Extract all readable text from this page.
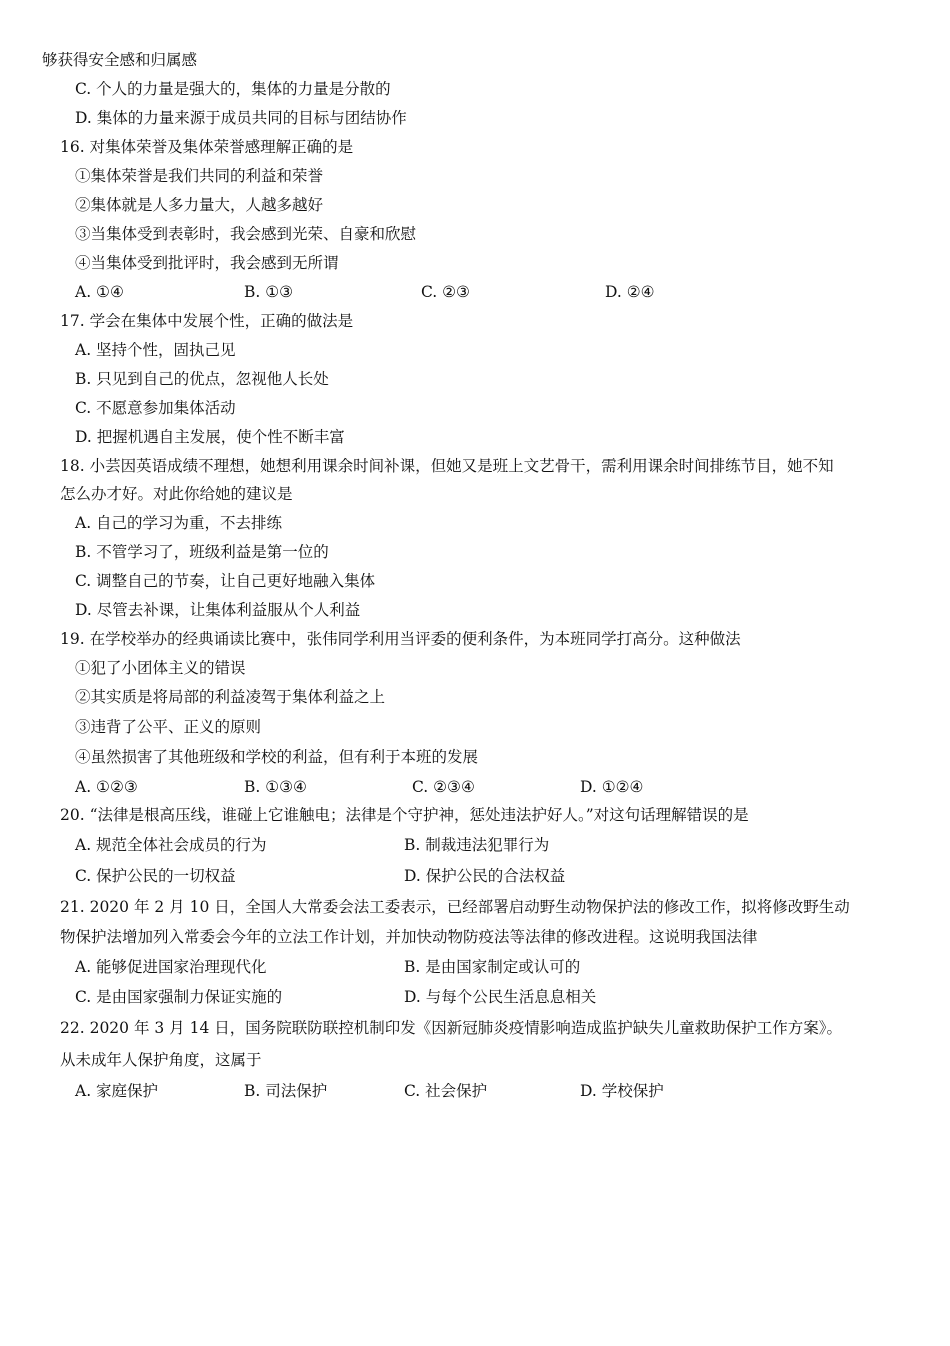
够获得安全感和归属感
C. 个人的力量是强大的，集体的力量是分散的
D. 集体的力量来源于成员共同的目标与团结协作
16. 对集体荣誉及集体荣誉感理解正确的是
①集体荣誉是我们共同的利益和荣誉
②集体就是人多力量大，人越多越好
③当集体受到表彰时，我会感到光荣、自豪和欣慰
④当集体受到批评时，我会感到无所谓
A. ①④	B. ①③	C. ②③	D. ②④
17. 学会在集体中发展个性，正确的做法是
A. 坚持个性，固执己见
B. 只见到自己的优点，忽视他人长处
C. 不愿意参加集体活动
D. 把握机遇自主发展，使个性不断丰富
18. 小芸因英语成绩不理想，她想利用课余时间补课，但她又是班上文艺骨干，需利用课余时间排练节目，她不知
怎么办才好。对此你给她的建议是
A. 自己的学习为重，不去排练
B. 不管学习了，班级利益是第一位的
C. 调整自己的节奏，让自己更好地融入集体
D. 尽管去补课，让集体利益服从个人利益
19. 在学校举办的经典诵读比赛中，张伟同学利用当评委的便利条件，为本班同学打高分。这种做法
①犯了小团体主义的错误
②其实质是将局部的利益凌驾于集体利益之上
③违背了公平、正义的原则
④虽然损害了其他班级和学校的利益，但有利于本班的发展
A. ①②③	B. ①③④	C. ②③④	D. ①②④
20. “法律是根高压线，谁碰上它谁触电；法律是个守护神，惩处违法护好人。”对这句话理解错误的是
A. 规范全体社会成员的行为	B. 制裁违法犯罪行为
C. 保护公民的一切权益	D. 保护公民的合法权益
21. 2020 年 2 月 10 日，全国人大常委会法工委表示，已经部署启动野生动物保护法的修改工作，拟将修改野生动
物保护法增加列入常委会今年的立法工作计划，并加快动物防疫法等法律的修改进程。这说明我国法律
A. 能够促进国家治理现代化	B. 是由国家制定或认可的
C. 是由国家强制力保证实施的	D. 与每个公民生活息息相关
22. 2020 年 3 月 14 日，国务院联防联控机制印发《因新冠肺炎疫情影响造成监护缺失儿童救助保护工作方案》。
从未成年人保护角度，这属于
A. 家庭保护	B. 司法保护	C. 社会保护	D. 学校保护
